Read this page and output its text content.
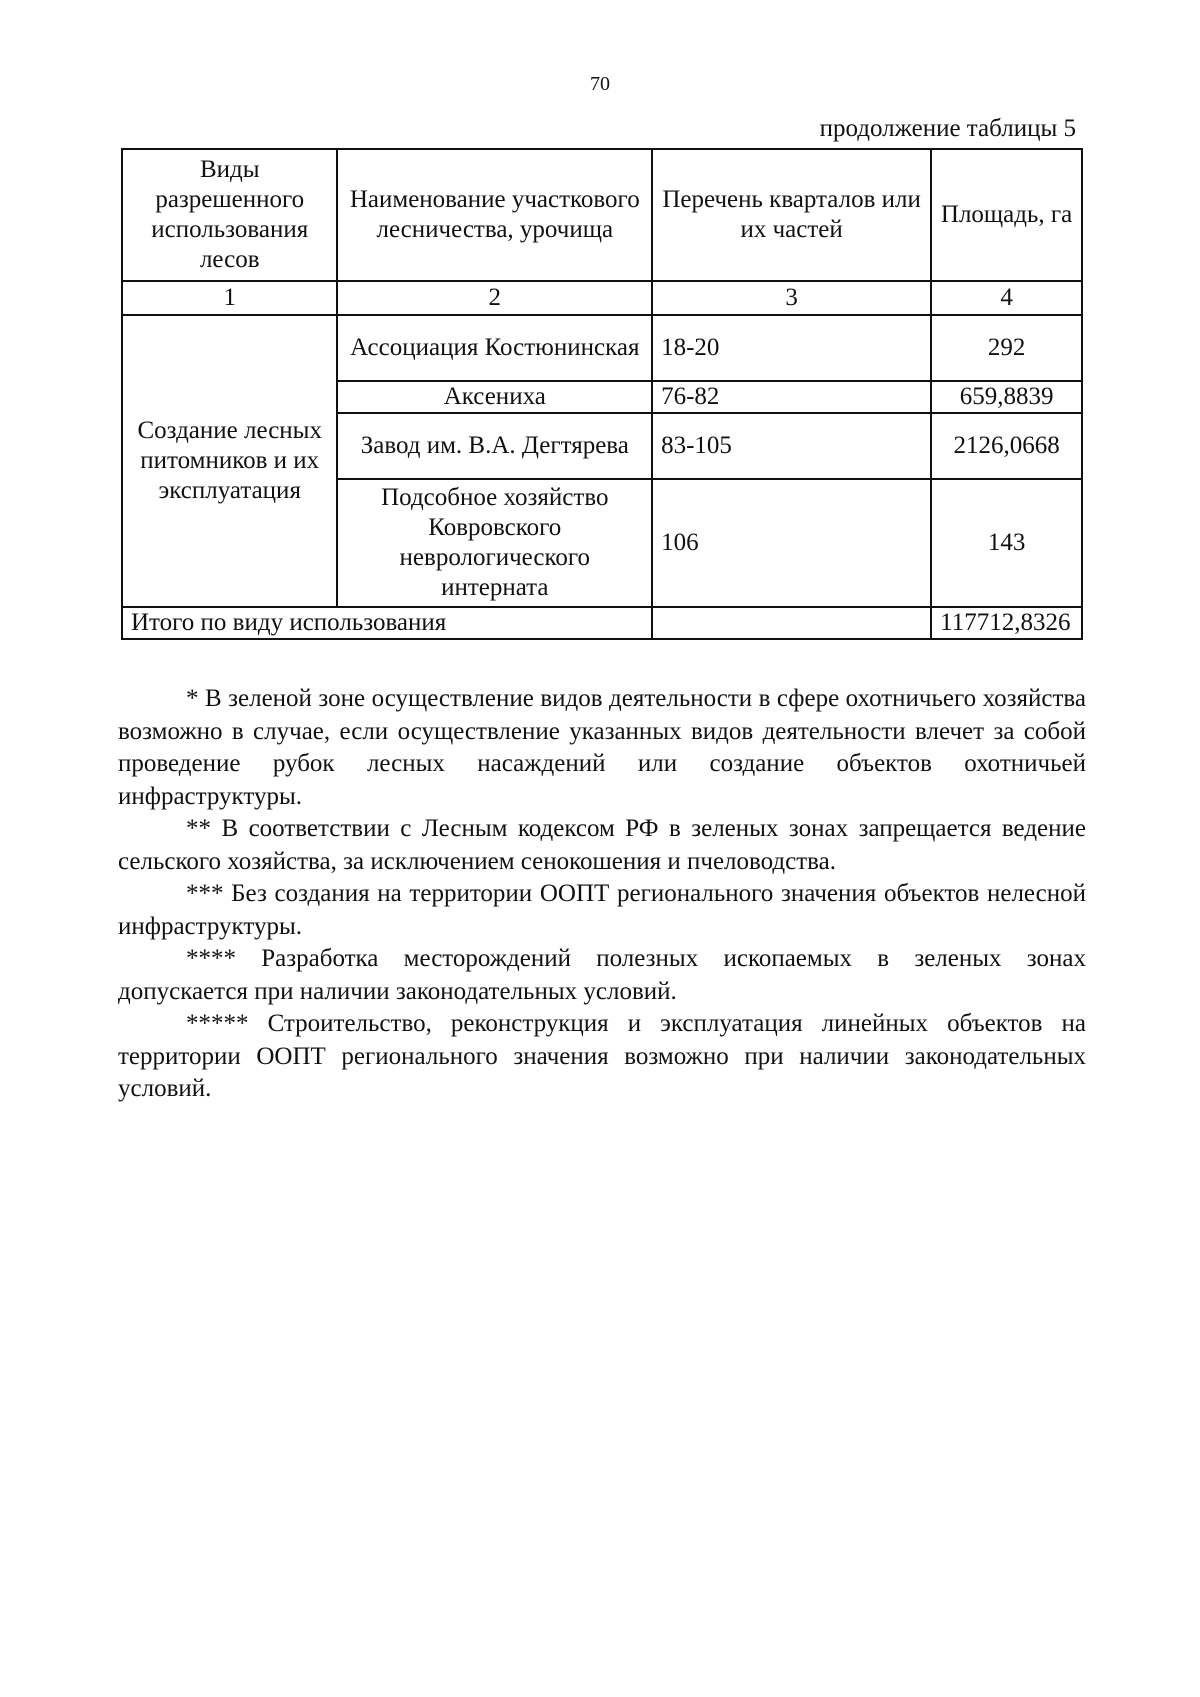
70
продолжение таблицы 5
Виды разрешенного использования лесов	Наименование участкового лесничества, урочища	Перечень кварталов или их частей	Площадь, га
1	2	3	4
Создание лесных питомников и их эксплуатация	Ассоциация Костюнинская	18-20	292
	Аксениха	76-82	659,8839
	Завод им. В.А. Дегтярева	83-105	2126,0668
	Подсобное хозяйство Ковровского неврологического интерната	106	143
Итого по виду использования			117712,8326

* В зеленой зоне осуществление видов деятельности в сфере охотничьего хозяйства возможно в случае, если осуществление указанных видов деятельности влечет за собой проведение рубок лесных насаждений или создание объектов охотничьей инфраструктуры.

** В соответствии с Лесным кодексом РФ в зеленых зонах запрещается ведение сельского хозяйства, за исключением сенокошения и пчеловодства.

*** Без создания на территории ООПТ регионального значения объектов нелесной инфраструктуры.

**** Разработка месторождений полезных ископаемых в зеленых зонах допускается при наличии законодательных условий.

***** Строительство, реконструкция и эксплуатация линейных объектов на территории ООПТ регионального значения возможно при наличии законодательных условий.
